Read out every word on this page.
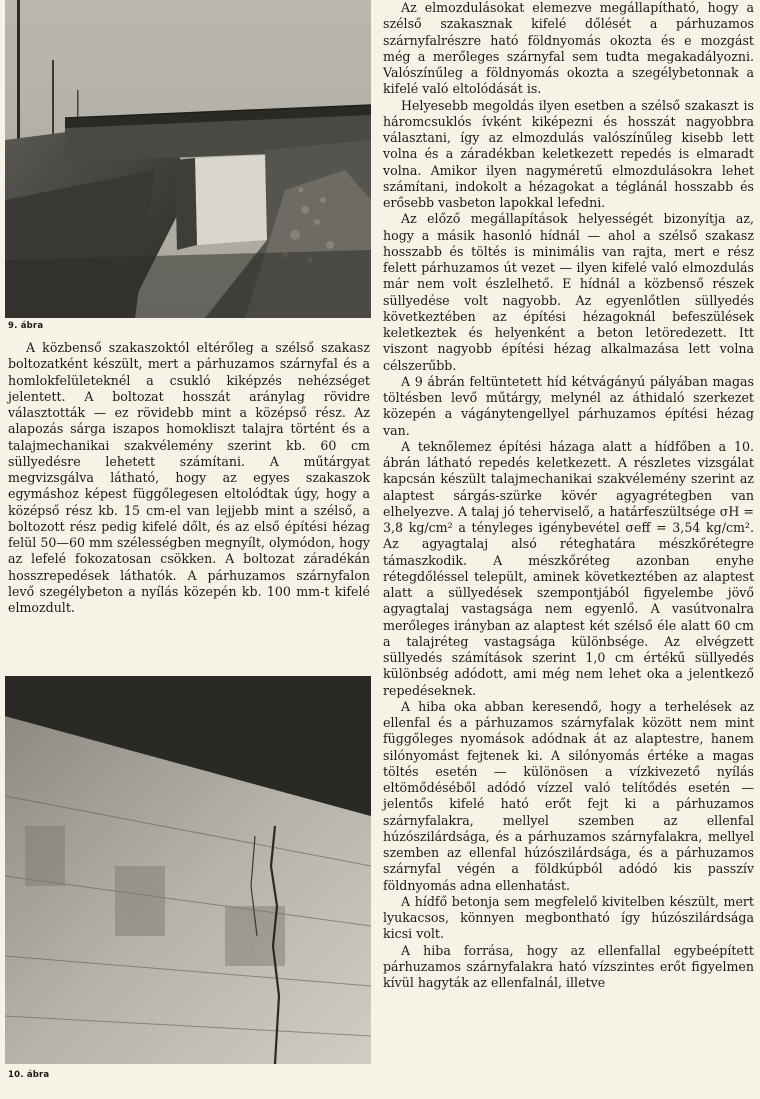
9. ábra

A közbenső szakaszoktól eltérőleg a szélső szakasz boltozatként készült, mert a párhuzamos szárnyfal és a homlokfelületeknél a csukló kiképzés nehézséget jelentett. A boltozat hosszát aránylag rövidre választották — ez rövidebb mint a középső rész. Az alapozás sárga iszapos homokliszt talajra történt és a talajmechanikai szakvélemény szerint kb. 60 cm süllyedésre lehetett számítani. A műtárgyat megvizsgálva látható, hogy az egyes szakaszok egymáshoz képest függőlegesen eltolódtak úgy, hogy a középső rész kb. 15 cm-el van lejjebb mint a szélső, a boltozott rész pedig kifelé dőlt, és az első építési hézag felül 50—60 mm szélességben megnyílt, olymódon, hogy az lefelé fokozatosan csökken. A boltozat záradékán hosszrepedések láthatók. A párhuzamos szárnyfalon levő szegélybeton a nyílás közepén kb. 100 mm-t kifelé elmozdult.

10. ábra

Az elmozdulásokat elemezve megállapítható, hogy a szélső szakasznak kifelé dőlését a párhuzamos szárnyfalrészre ható földnyomás okozta és e mozgást még a merőleges szárnyfal sem tudta megakadályozni. Valószínűleg a földnyomás okozta a szegélybetonnak a kifelé való eltolódását is.

Helyesebb megoldás ilyen esetben a szélső szakaszt is háromcsuklós ívként kiképezni és hosszát nagyobbra választani, így az elmozdulás valószínűleg kisebb lett volna és a záradékban keletkezett repedés is elmaradt volna. Amikor ilyen nagyméretű elmozdulásokra lehet számítani, indokolt a hézagokat a téglánál hosszabb és erősebb vasbeton lapokkal lefedni.

Az előző megállapítások helyességét bizonyítja az, hogy a másik hasonló hídnál — ahol a szélső szakasz hosszabb és töltés is minimális van rajta, mert e rész felett párhuzamos út vezet — ilyen kifelé való elmozdulás már nem volt észlelhető. E hídnál a közbenső részek süllyedése volt nagyobb. Az egyenlőtlen süllyedés következtében az építési hézagoknál befeszülések keletkeztek és helyenként a beton letöredezett. Itt viszont nagyobb építési hézag alkalmazása lett volna célszerűbb.

A 9 ábrán feltüntetett híd kétvágányú pályában magas töltésben levő műtárgy, melynél az áthidaló szerkezet közepén a vágánytengellyel párhuzamos építési hézag van.

A teknőlemez építési házaga alatt a hídfőben a 10. ábrán látható repedés keletkezett. A részletes vizsgálat kapcsán készült talajmechanikai szakvélemény szerint az alaptest sárgás-szürke kövér agyagrétegben van elhelyezve. A talaj jó teherviselő, a határfeszültsége σH = 3,8 kg/cm² a tényleges igénybevétel σeff = 3,54 kg/cm². Az agyagtalaj alsó réteghatára mészkőrétegre támaszkodik. A mészkőréteg azonban enyhe rétegdőléssel települt, aminek következtében az alaptest alatt a süllyedések szempontjából figyelembe jövő agyagtalaj vastagsága nem egyenlő. A vasútvonalra merőleges irányban az alaptest két szélső éle alatt 60 cm a talajréteg vastagsága különbsége. Az elvégzett süllyedés számítások szerint 1,0 cm értékű süllyedés különbség adódott, ami még nem lehet oka a jelentkező repedéseknek.

A hiba oka abban keresendő, hogy a terhelések az ellenfal és a párhuzamos szárnyfalak között nem mint függőleges nyomások adódnak át az alaptestre, hanem silónyomást fejtenek ki. A silónyomás értéke a magas töltés esetén — különösen a vízkivezető nyílás eltömődéséből adódó vízzel való telítődés esetén — jelentős kifelé ható erőt fejt ki a párhuzamos szárnyfalakra, mellyel szemben az ellenfal húzószilárdsága, és a párhuzamos szárnyfalakra, mellyel szemben az ellenfal húzószilárdsága, és a párhuzamos szárnyfal végén a földkúpból adódó kis passzív földnyomás adna ellenhatást.

A hídfő betonja sem megfelelő kivitelben készült, mert lyukacsos, könnyen megbontható így húzószilárdsága kicsi volt.

A hiba forrása, hogy az ellenfallal egybeépített párhuzamos szárnyfalakra ható vízszintes erőt figyelmen kívül hagyták az ellenfalnál, illetve
